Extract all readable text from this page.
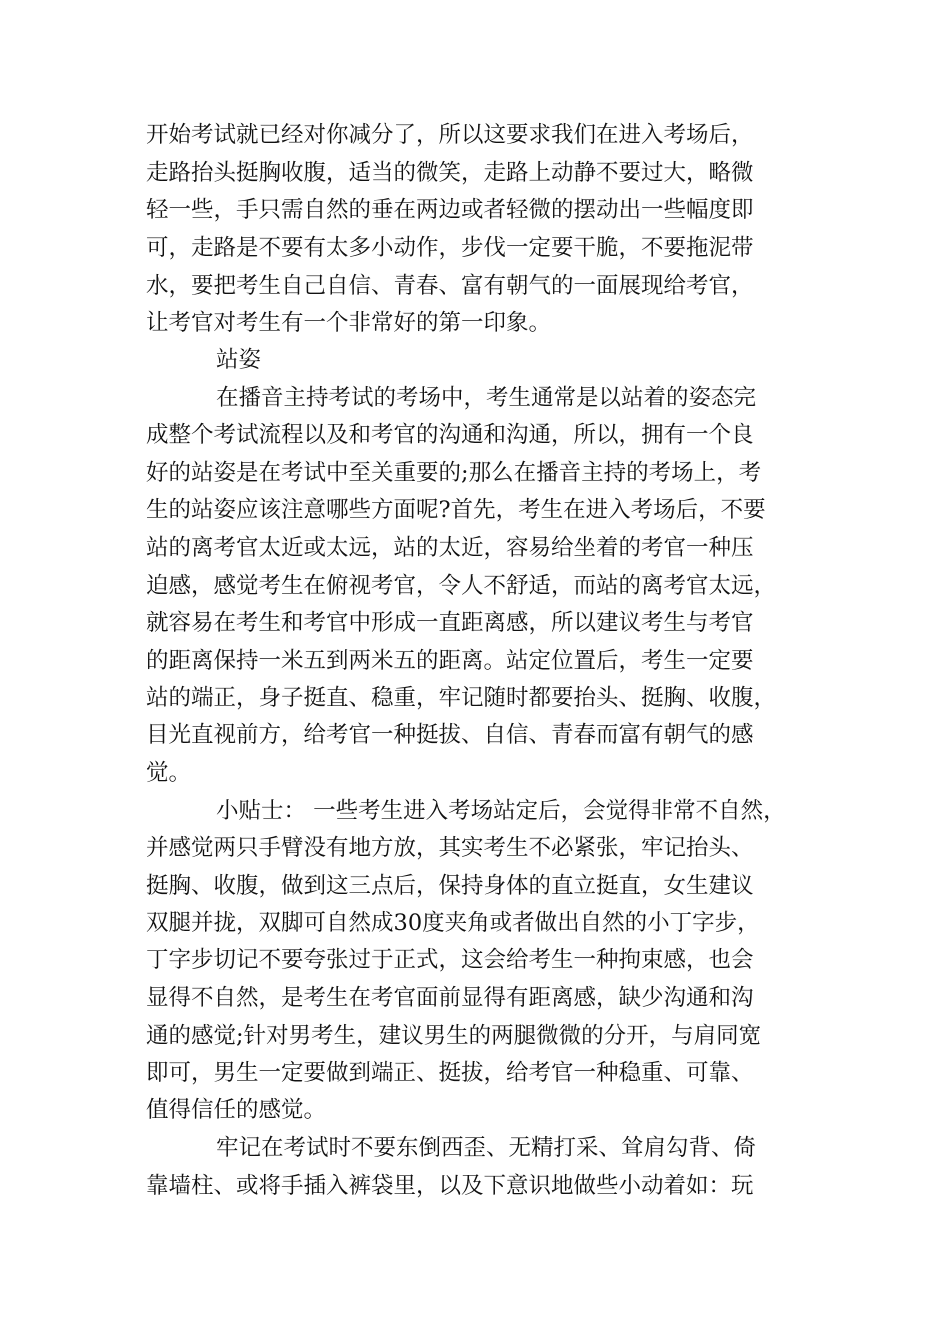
开始考试就已经对你减分了，所以这要求我们在进入考场后，
走路抬头挺胸收腹，适当的微笑，走路上动静不要过大，略微
轻一些，手只需自然的垂在两边或者轻微的摆动出一些幅度即
可，走路是不要有太多小动作，步伐一定要干脆，不要拖泥带
水，要把考生自己自信、青春、富有朝气的一面展现给考官，
让考官对考生有一个非常好的第一印象。
站姿
在播音主持考试的考场中，考生通常是以站着的姿态完
成整个考试流程以及和考官的沟通和沟通，所以，拥有一个良
好的站姿是在考试中至关重要的;那么在播音主持的考场上，考
生的站姿应该注意哪些方面呢?首先，考生在进入考场后，不要
站的离考官太近或太远，站的太近，容易给坐着的考官一种压
迫感，感觉考生在俯视考官，令人不舒适，而站的离考官太远，
就容易在考生和考官中形成一直距离感，所以建议考生与考官
的距离保持一米五到两米五的距离。站定位置后，考生一定要
站的端正，身子挺直、稳重，牢记随时都要抬头、挺胸、收腹，
目光直视前方，给考官一种挺拔、自信、青春而富有朝气的感
觉。
小贴士： 一些考生进入考场站定后，会觉得非常不自然，
并感觉两只手臂没有地方放，其实考生不必紧张，牢记抬头、
挺胸、收腹，做到这三点后，保持身体的直立挺直，女生建议
双腿并拢，双脚可自然成30度夹角或者做出自然的小丁字步，
丁字步切记不要夸张过于正式，这会给考生一种拘束感，也会
显得不自然，是考生在考官面前显得有距离感，缺少沟通和沟
通的感觉;针对男考生，建议男生的两腿微微的分开，与肩同宽
即可，男生一定要做到端正、挺拔，给考官一种稳重、可靠、
值得信任的感觉。
牢记在考试时不要东倒西歪、无精打采、耸肩勾背、倚
靠墙柱、或将手插入裤袋里，以及下意识地做些小动着如：玩
